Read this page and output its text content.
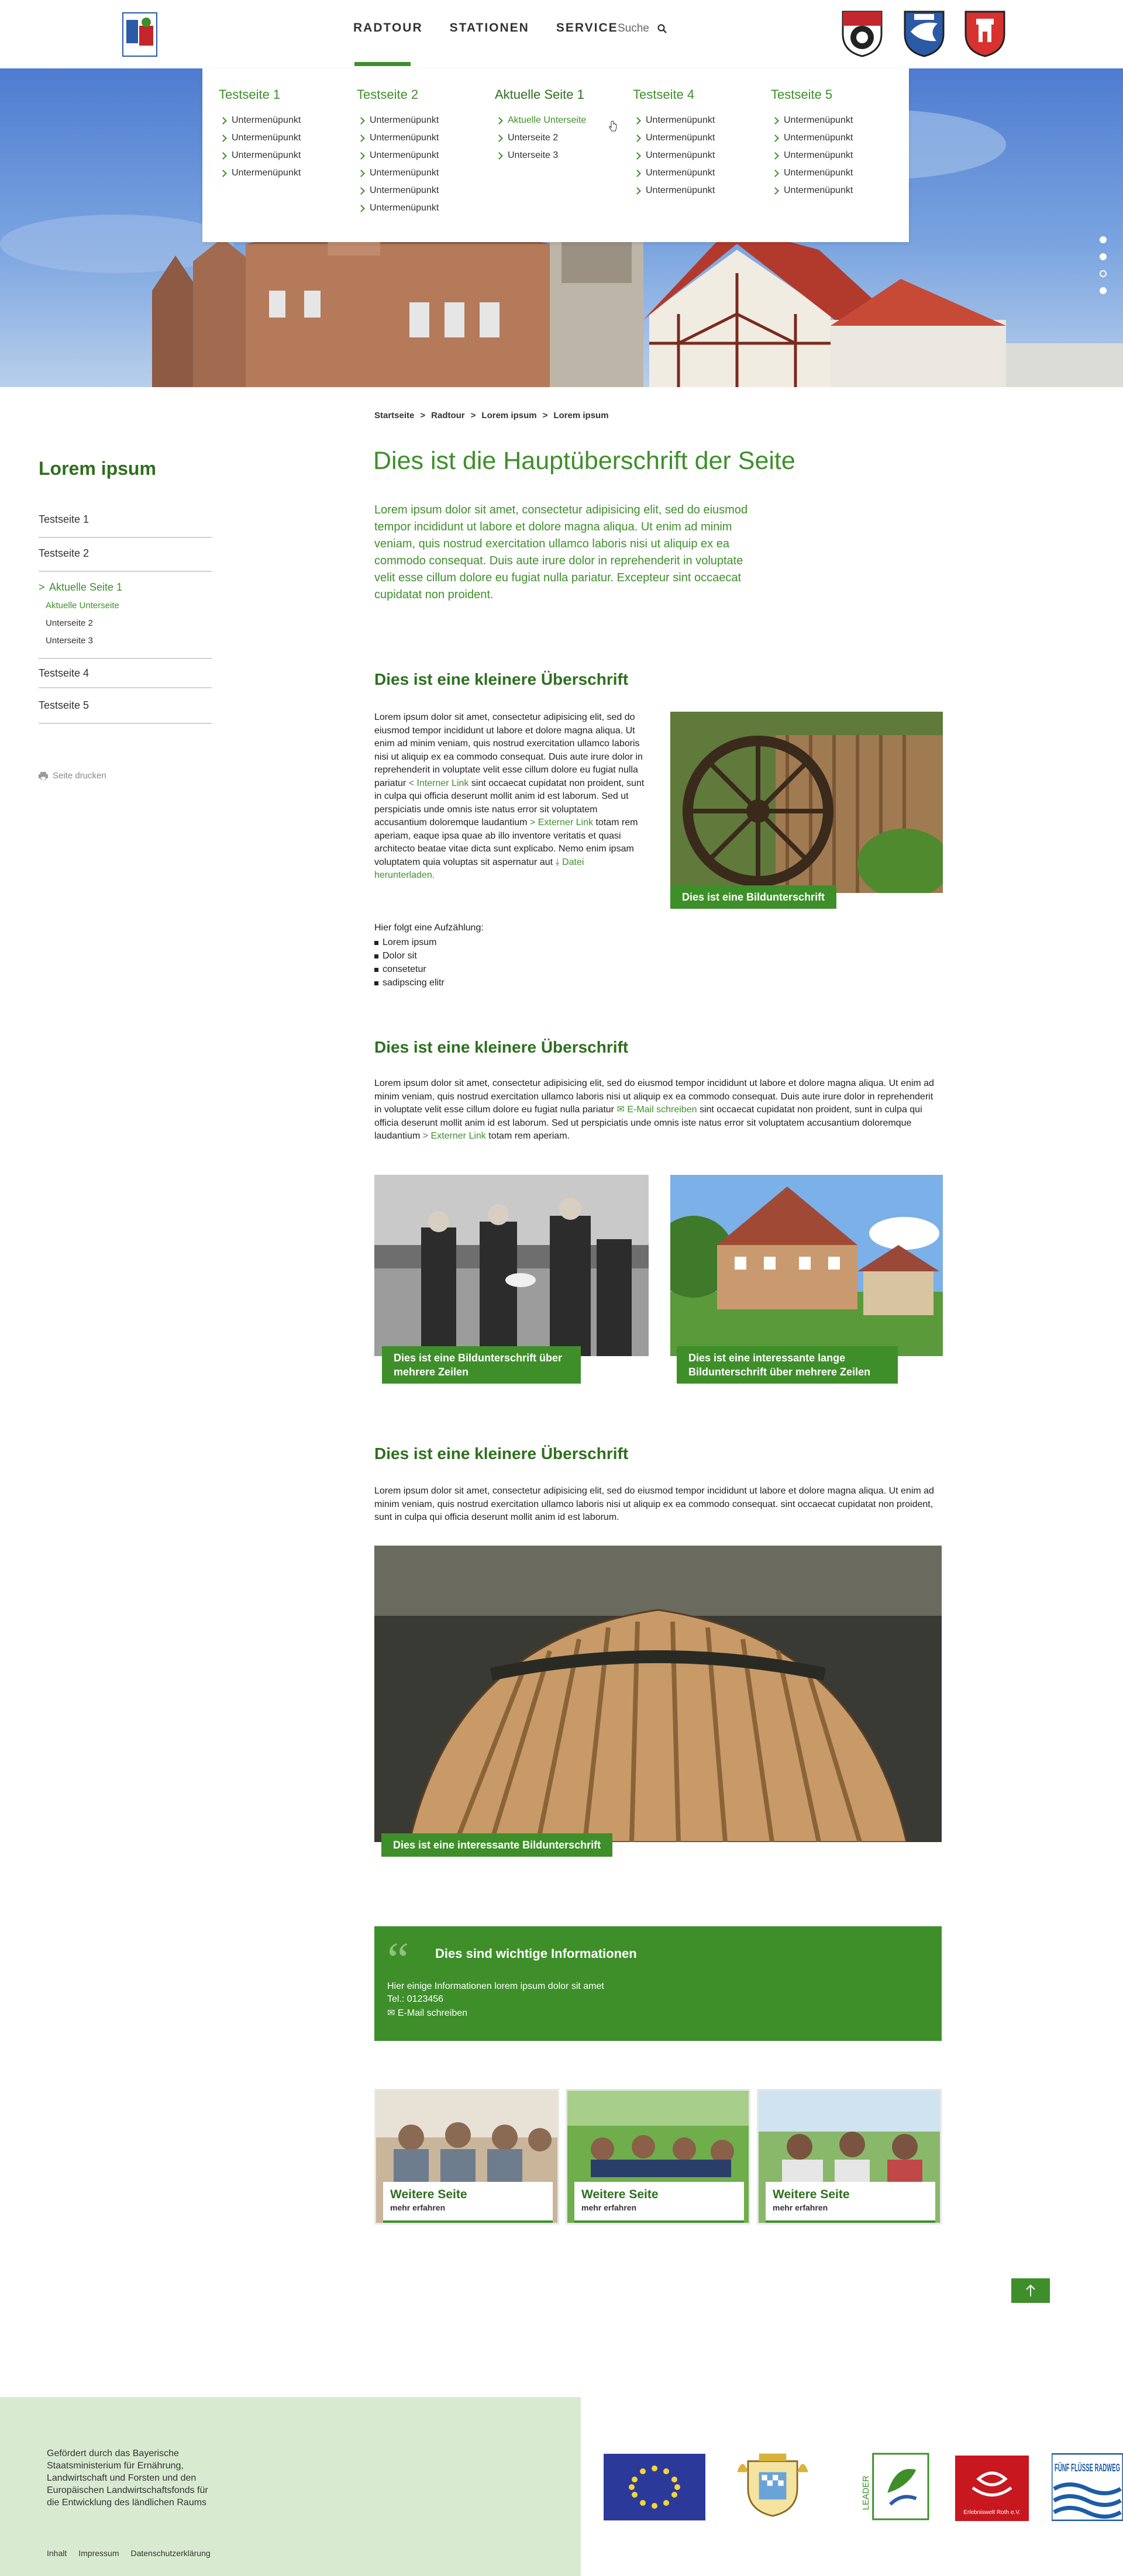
RADTOUR STATIONEN SERVICE Suche
Testseite 1
Untermenüpunkt
Untermenüpunkt
Untermenüpunkt
Untermenüpunkt
Testseite 2
Untermenüpunkt
Untermenüpunkt
Untermenüpunkt
Untermenüpunkt
Untermenüpunkt
Untermenüpunkt
Aktuelle Seite 1
Aktuelle Unterseite
Unterseite 2
Unterseite 3
Testseite 4
Untermenüpunkt
Untermenüpunkt
Untermenüpunkt
Untermenüpunkt
Untermenüpunkt
Testseite 5
Untermenüpunkt
Untermenüpunkt
Untermenüpunkt
Untermenüpunkt
Untermenüpunkt
Lorem ipsum
Testseite 1
Testseite 2
> Aktuelle Seite 1
Aktuelle Unterseite
Unterseite 2
Unterseite 3
Testseite 4
Testseite 5
Seite drucken
Startseite > Radtour > Lorem ipsum > Lorem ipsum
Dies ist die Hauptüberschrift der Seite
Lorem ipsum dolor sit amet, consectetur adipisicing elit, sed do eiusmod tempor incididunt ut labore et dolore magna aliqua. Ut enim ad minim veniam, quis nostrud exercitation ullamco laboris nisi ut aliquip ex ea commodo consequat. Duis aute irure dolor in reprehenderit in voluptate velit esse cillum dolore eu fugiat nulla pariatur. Excepteur sint occaecat cupidatat non proident.
Dies ist eine kleinere Überschrift
Lorem ipsum dolor sit amet, consectetur adipisicing elit, sed do eiusmod tempor incididunt ut labore et dolore magna aliqua. Ut enim ad minim veniam, quis nostrud exercitation ullamco laboris nisi ut aliquip ex ea commodo consequat. Duis aute irure dolor in reprehenderit in voluptate velit esse cillum dolore eu fugiat nulla pariatur < Interner Link sint occaecat cupidatat non proident, sunt in culpa qui officia deserunt mollit anim id est laborum. Sed ut perspiciatis unde omnis iste natus error sit voluptatem accusantium doloremque laudantium > Externer Link totam rem aperiam, eaque ipsa quae ab illo inventore veritatis et quasi architecto beatae vitae dicta sunt explicabo. Nemo enim ipsam voluptatem quia voluptas sit aspernatur aut ⤓ Datei herunterladen.
Dies ist eine Bildunterschrift
Hier folgt eine Aufzählung:
Lorem ipsum
Dolor sit
consetetur
sadipscing elitr
Dies ist eine kleinere Überschrift
Lorem ipsum dolor sit amet, consectetur adipisicing elit, sed do eiusmod tempor incididunt ut labore et dolore magna aliqua. Ut enim ad minim veniam, quis nostrud exercitation ullamco laboris nisi ut aliquip ex ea commodo consequat. Duis aute irure dolor in reprehenderit in voluptate velit esse cillum dolore eu fugiat nulla pariatur ✉ E-Mail schreiben sint occaecat cupidatat non proident, sunt in culpa qui officia deserunt mollit anim id est laborum. Sed ut perspiciatis unde omnis iste natus error sit voluptatem accusantium doloremque laudantium > Externer Link totam rem aperiam.
Dies ist eine Bildunterschrift über mehrere Zeilen
Dies ist eine interessante lange Bildunterschrift über mehrere Zeilen
Dies ist eine kleinere Überschrift
Lorem ipsum dolor sit amet, consectetur adipisicing elit, sed do eiusmod tempor incididunt ut labore et dolore magna aliqua. Ut enim ad minim veniam, quis nostrud exercitation ullamco laboris nisi ut aliquip ex ea commodo consequat. sint occaecat cupidatat non proident, sunt in culpa qui officia deserunt mollit anim id est laborum.
Dies ist eine interessante Bildunterschrift
“ Dies sind wichtige Informationen
Hier einige Informationen lorem ipsum dolor sit amet
Tel.: 0123456
✉ E-Mail schreiben
Weitere Seite
mehr erfahren
Weitere Seite
mehr erfahren
Weitere Seite
mehr erfahren
Gefördert durch das Bayerische Staatsministerium für Ernährung, Landwirtschaft und Forsten und den Europäischen Landwirtschaftsfonds für die Entwicklung des ländlichen Raums
Inhalt Impressum Datenschutzerklärung
LEADER
Erlebniswelt Roth e.V.
FÜNF FLÜSSE RADWEG
